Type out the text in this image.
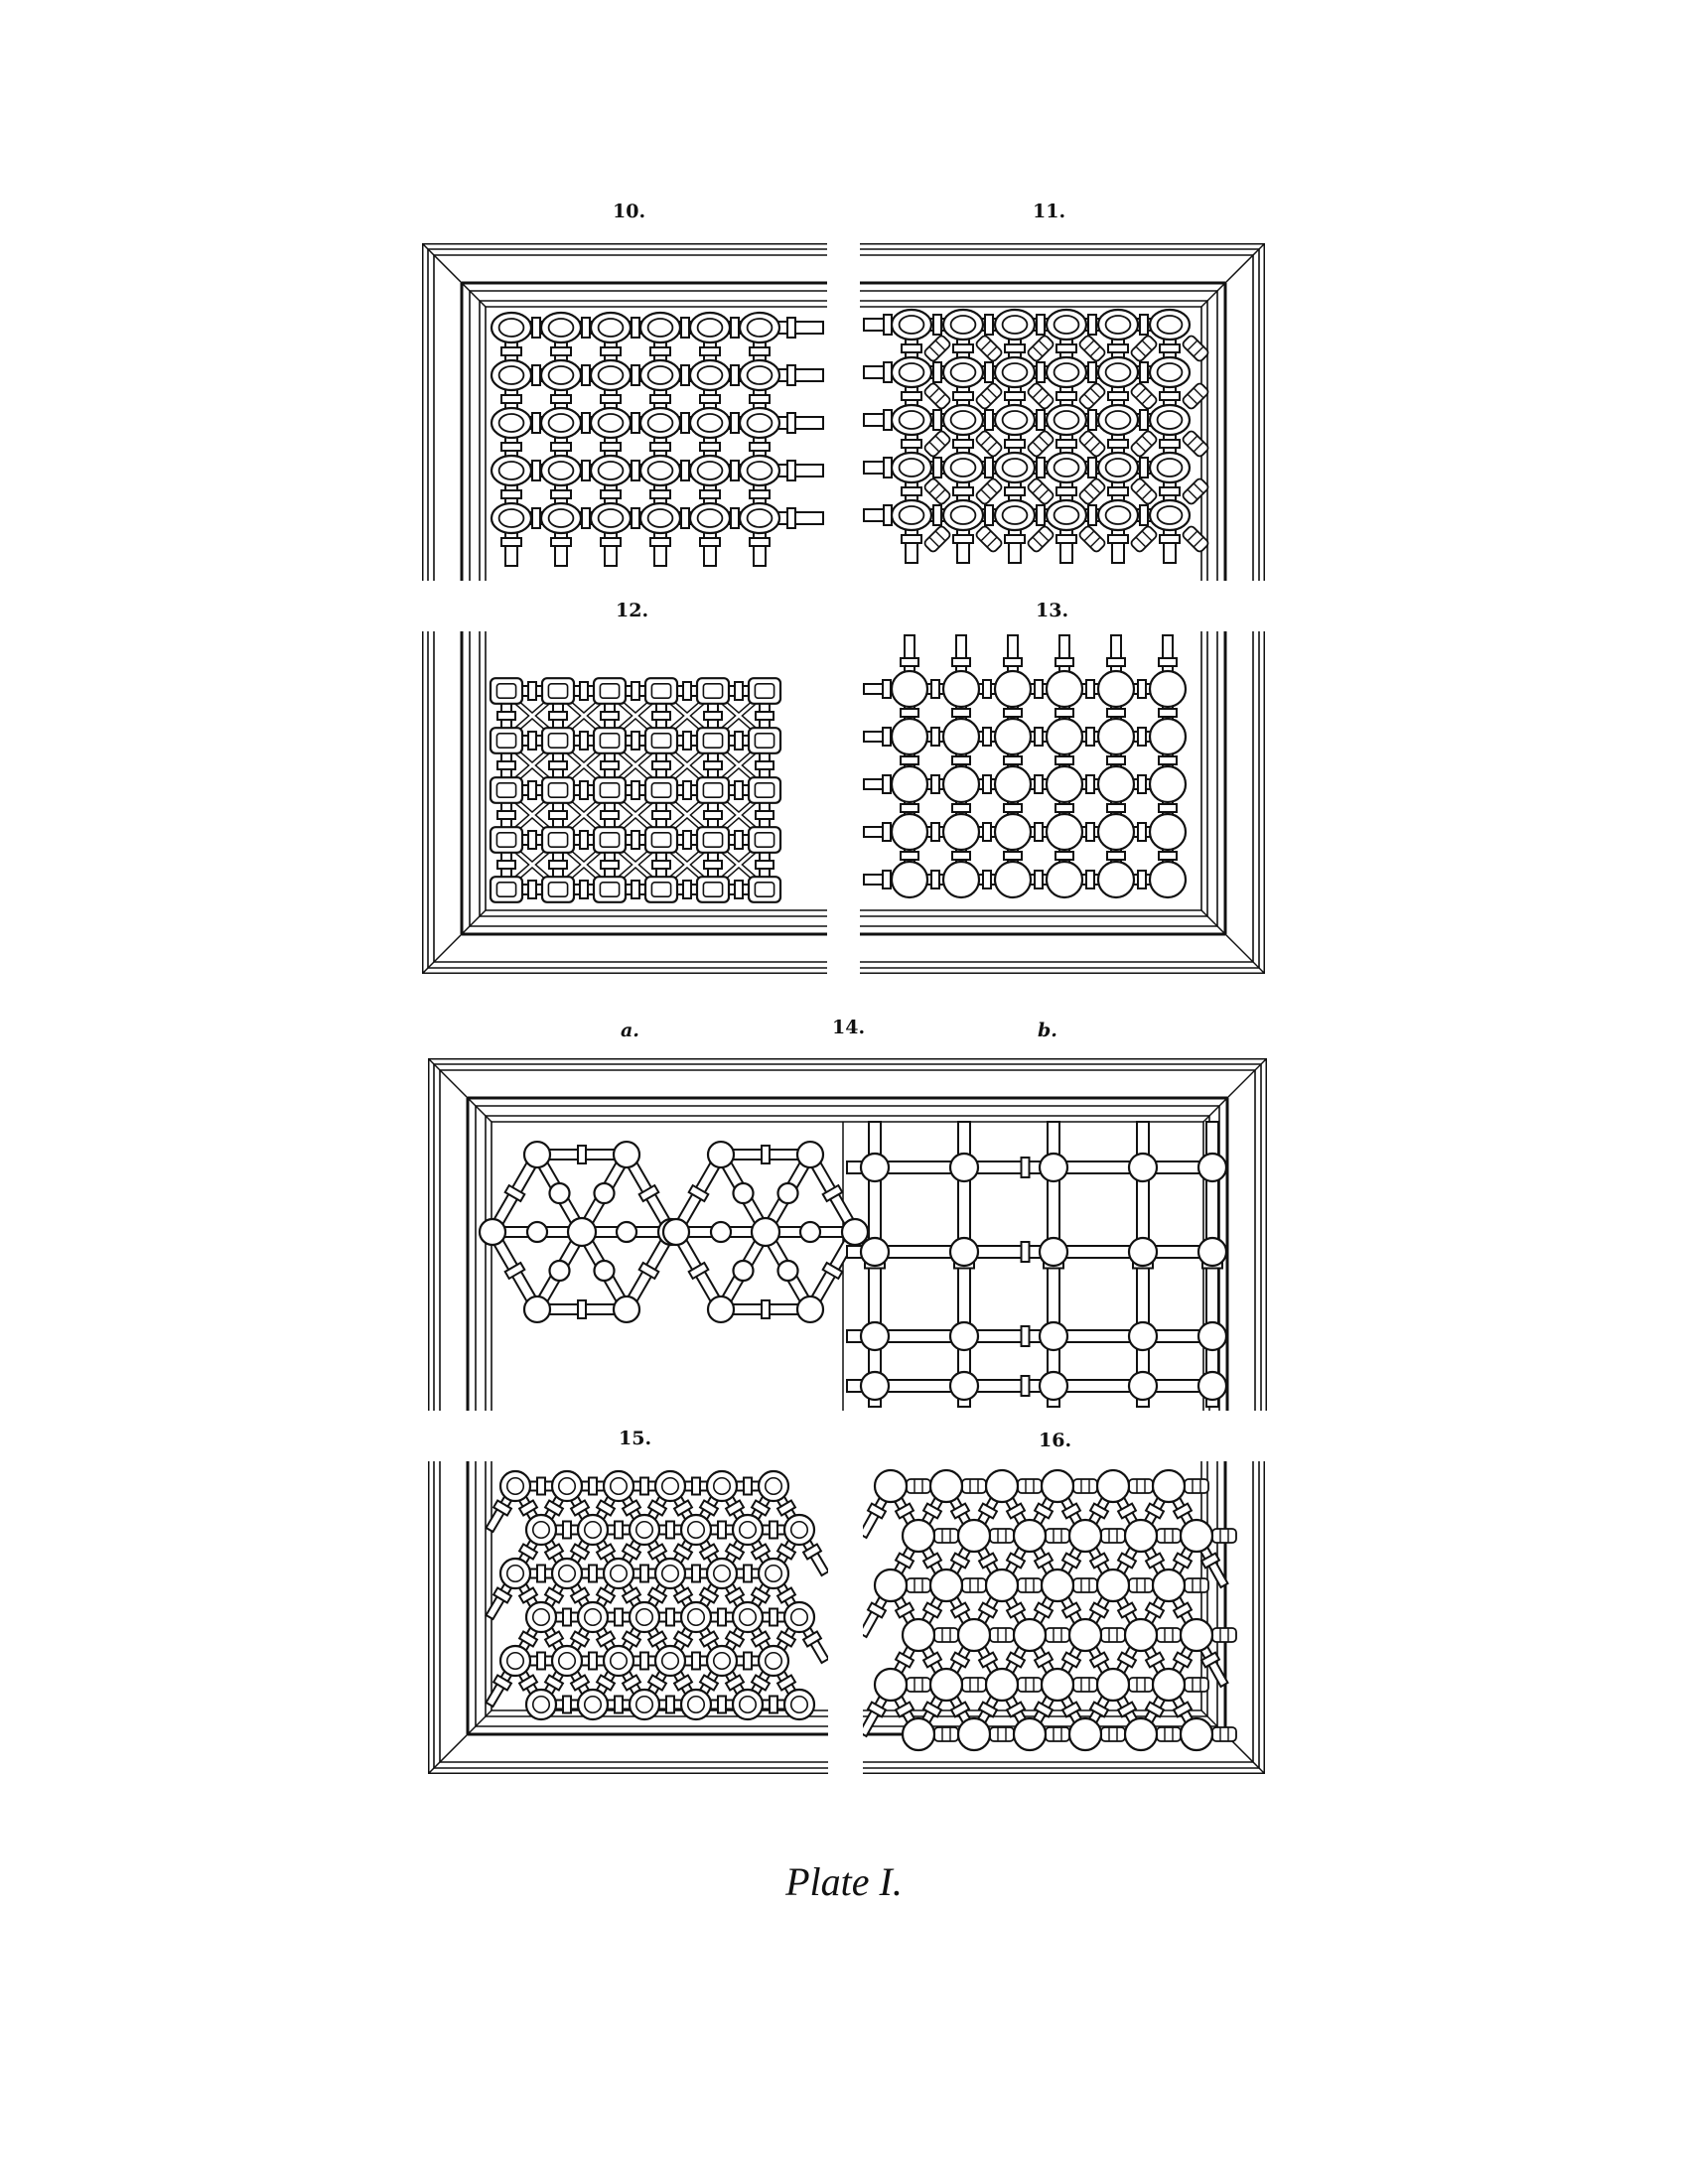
10.	11.
12.	13.
a.	14.	b.
15.	16.
Plate I.
